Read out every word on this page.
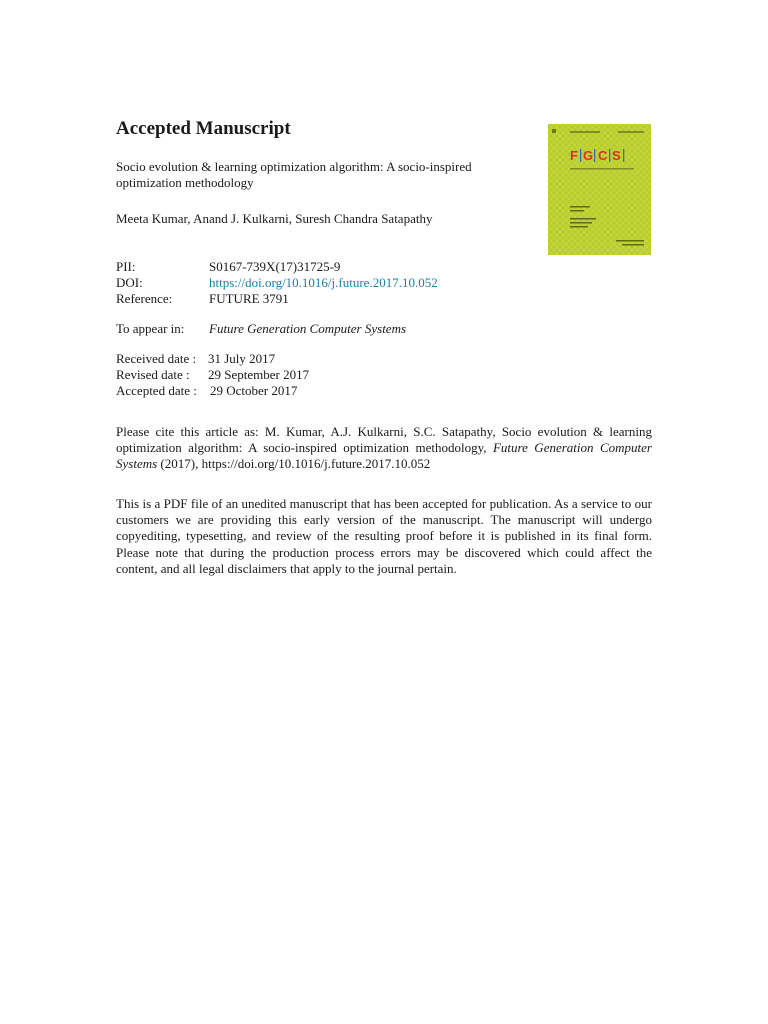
Accepted Manuscript
F G C S
Socio evolution & learning optimization algorithm: A socio-inspired optimization methodology
Meeta Kumar, Anand J. Kulkarni, Suresh Chandra Satapathy
PII:	S0167-739X(17)31725-9
DOI:	https://doi.org/10.1016/j.future.2017.10.052
Reference:	FUTURE 3791
To appear in: Future Generation Computer Systems
Received date : 31 July 2017
Revised date : 29 September 2017
Accepted date : 29 October 2017
Please cite this article as: M. Kumar, A.J. Kulkarni, S.C. Satapathy, Socio evolution & learning optimization algorithm: A socio-inspired optimization methodology, Future Generation Computer Systems (2017), https://doi.org/10.1016/j.future.2017.10.052
This is a PDF file of an unedited manuscript that has been accepted for publication. As a service to our customers we are providing this early version of the manuscript. The manuscript will undergo copyediting, typesetting, and review of the resulting proof before it is published in its final form. Please note that during the production process errors may be discovered which could affect the content, and all legal disclaimers that apply to the journal pertain.
